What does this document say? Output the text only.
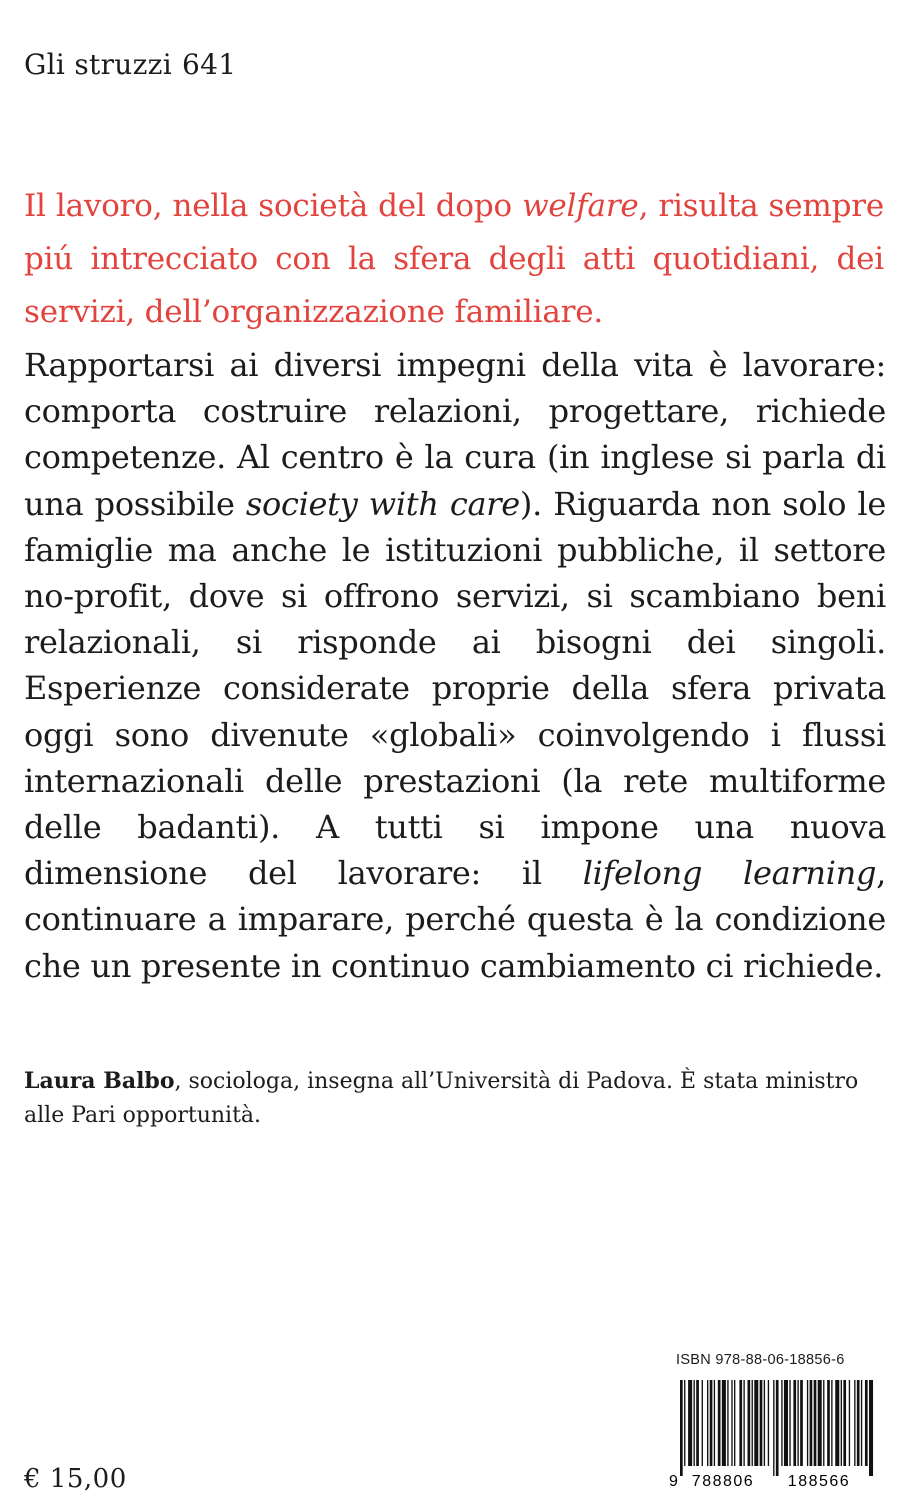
Gli struzzi 641
Il lavoro, nella società del dopo welfare, risulta sempre piú intrecciato con la sfera degli atti quotidiani, dei servizi, dell’organizzazione familiare.
Rapportarsi ai diversi impegni della vita è lavorare: comporta costruire relazioni, progettare, richiede competenze. Al centro è la cura (in inglese si parla di una possibile society with care). Riguarda non solo le famiglie ma anche le istituzioni pubbliche, il settore no-profit, dove si offrono servizi, si scambiano beni relazionali, si risponde ai bisogni dei singoli. Esperienze considerate proprie della sfera privata oggi sono divenute «globali» coinvolgendo i flussi internazionali delle prestazioni (la rete multiforme delle badanti). A tutti si impone una nuova dimensione del lavorare: il lifelong learning, continuare a imparare, perché questa è la condizione che un presente in continuo cambiamento ci richiede.
Laura Balbo, sociologa, insegna all’Università di Padova. È stata ministro alle Pari opportunità.
ISBN 978-88-06-18856-6
9 788806 188566
€ 15,00
